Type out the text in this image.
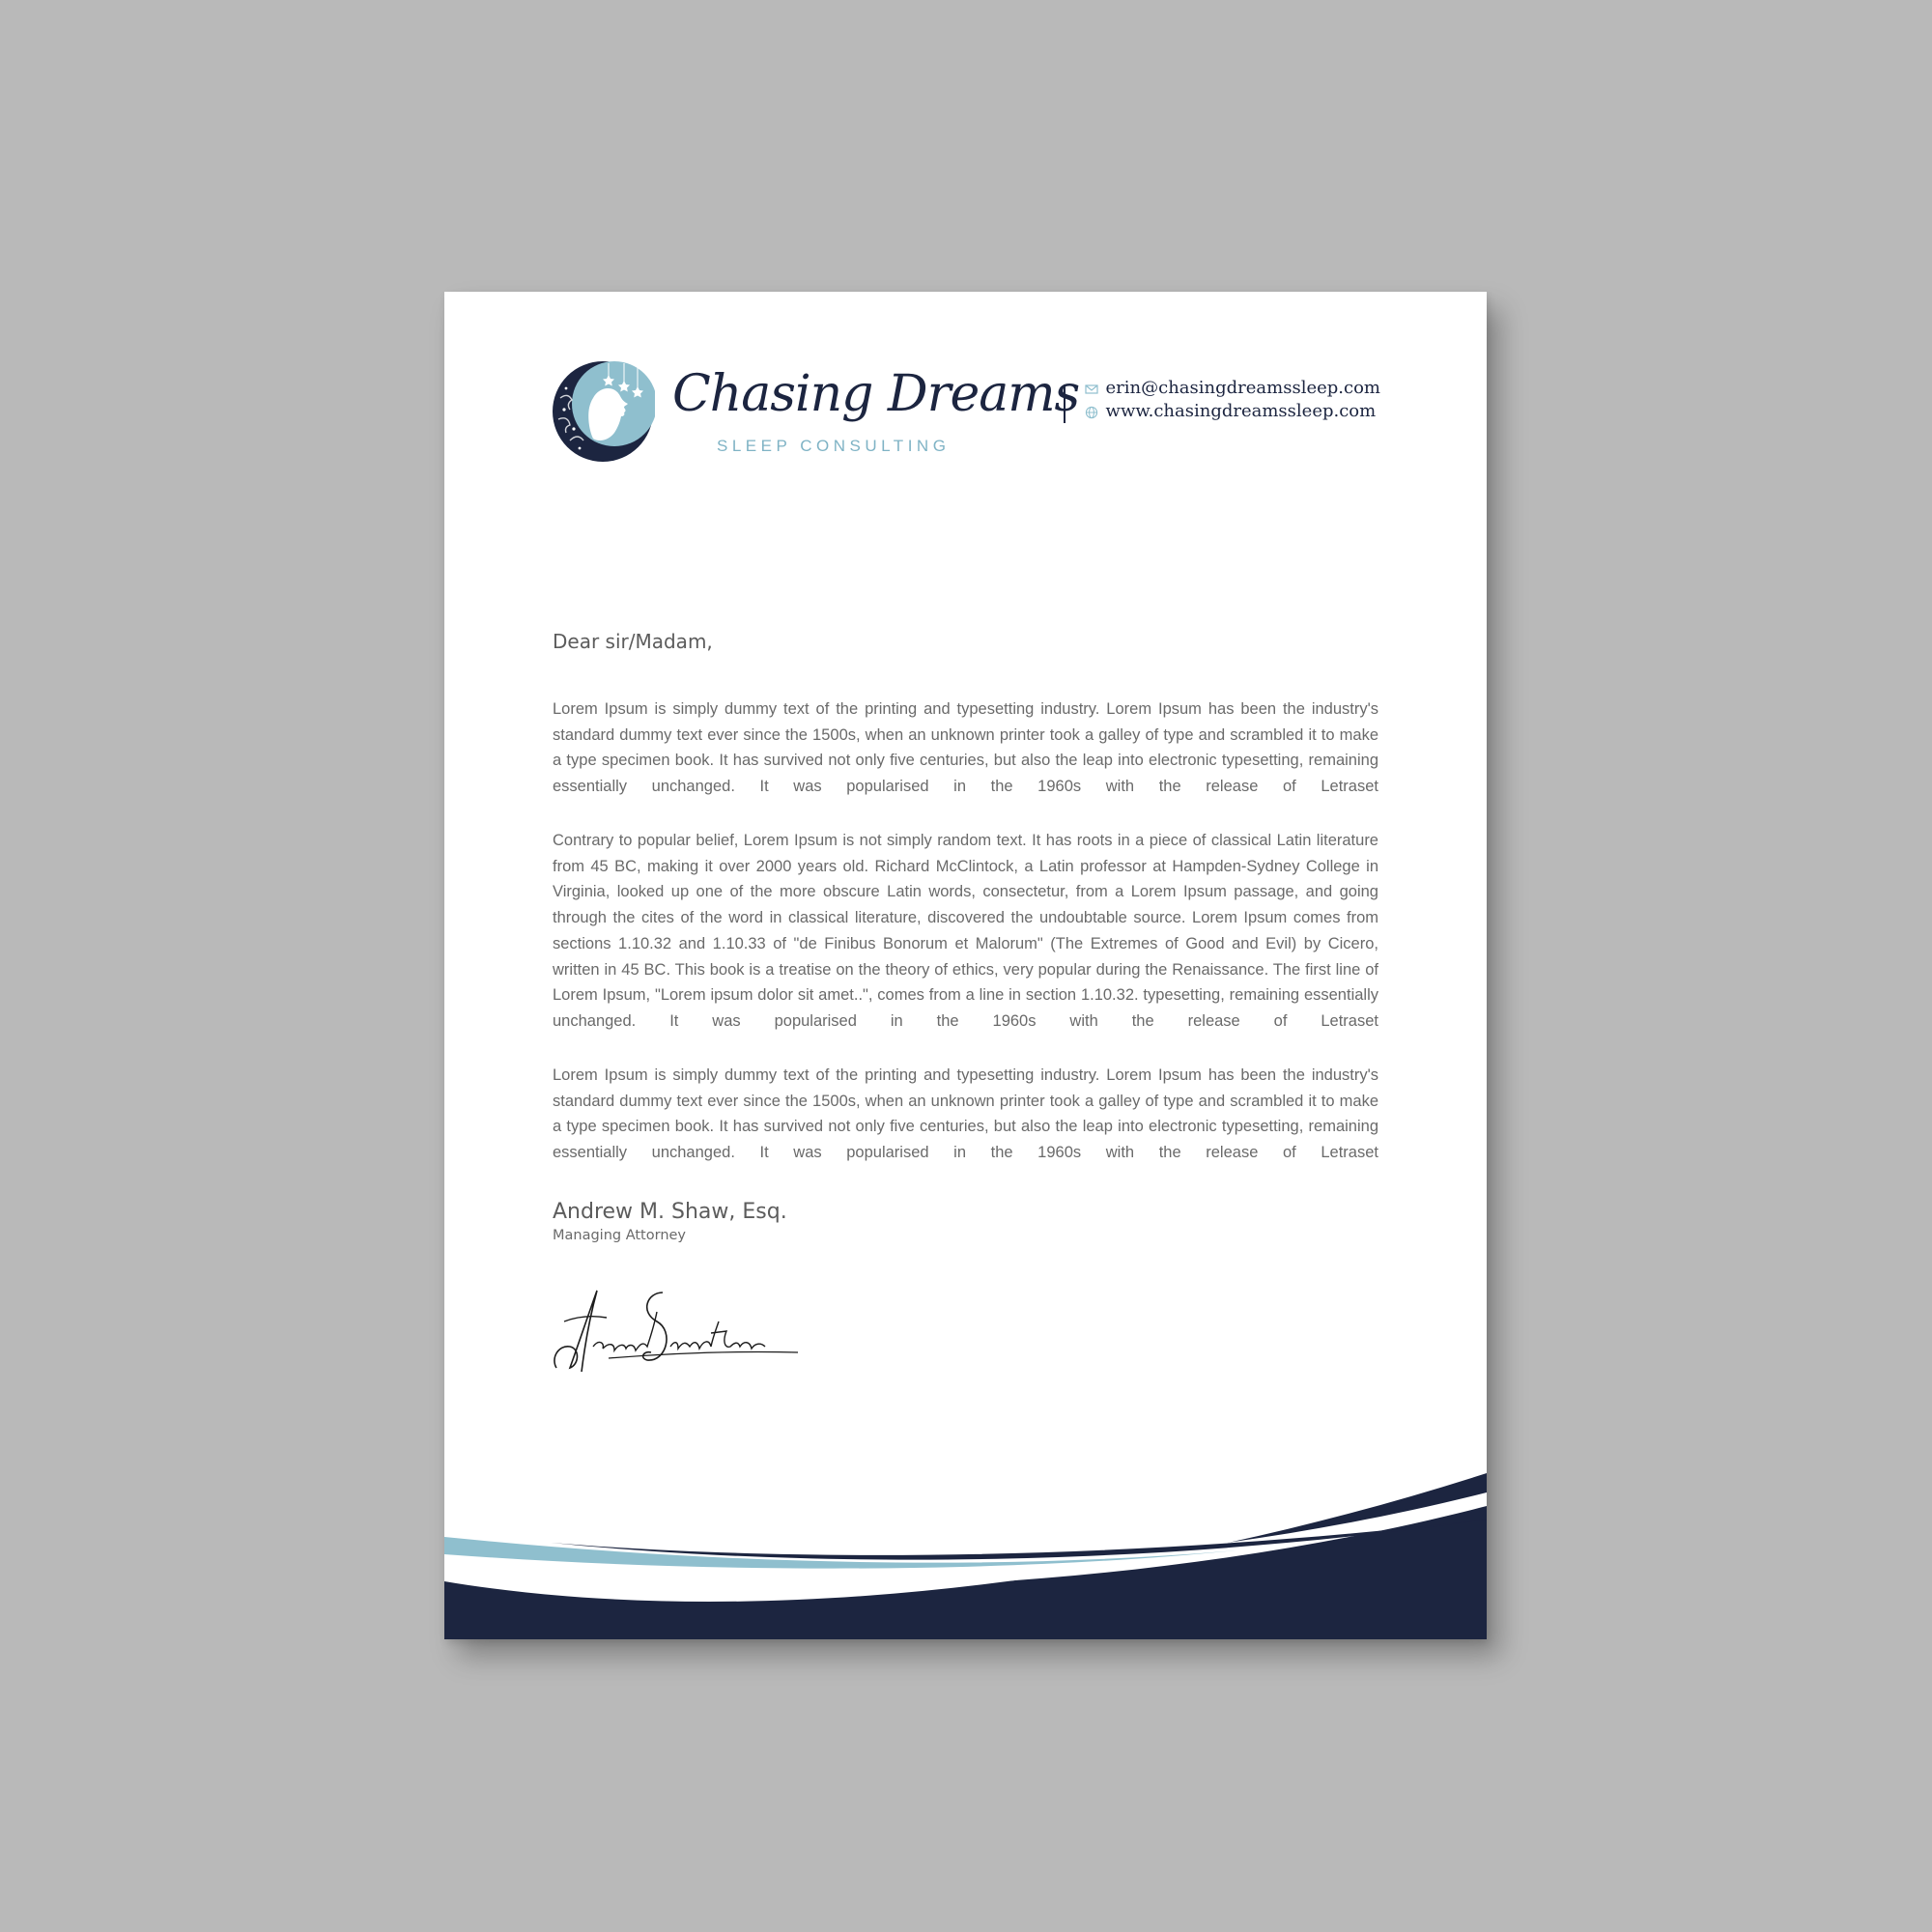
Chasing Dreams
SLEEP CONSULTING
erin@chasingdreamssleep.com
www.chasingdreamssleep.com
Dear sir/Madam,

Lorem Ipsum is simply dummy text of the printing and typesetting industry. Lorem Ipsum has been the industry's standard dummy text ever since the 1500s, when an unknown printer took a galley of type and scrambled it to make a type specimen book. It has survived not only five centuries, but also the leap into electronic typesetting, remaining essentially unchanged. It was popularised in the 1960s with the release of Letraset

Contrary to popular belief, Lorem Ipsum is not simply random text. It has roots in a piece of classical Latin literature from 45 BC, making it over 2000 years old. Richard McClintock, a Latin professor at Hampden-Sydney College in Virginia, looked up one of the more obscure Latin words, consectetur, from a Lorem Ipsum passage, and going through the cites of the word in classical literature, discovered the undoubtable source. Lorem Ipsum comes from sections 1.10.32 and 1.10.33 of "de Finibus Bonorum et Malorum" (The Extremes of Good and Evil) by Cicero, written in 45 BC. This book is a treatise on the theory of ethics, very popular during the Renaissance. The first line of Lorem Ipsum, "Lorem ipsum dolor sit amet..", comes from a line in section 1.10.32. typesetting, remaining essentially unchanged. It was popularised in the 1960s with the release of Letraset

Lorem Ipsum is simply dummy text of the printing and typesetting industry. Lorem Ipsum has been the industry's standard dummy text ever since the 1500s, when an unknown printer took a galley of type and scrambled it to make a type specimen book. It has survived not only five centuries, but also the leap into electronic typesetting, remaining essentially unchanged. It was popularised in the 1960s with the release of Letraset

Andrew M. Shaw, Esq.
Managing Attorney
